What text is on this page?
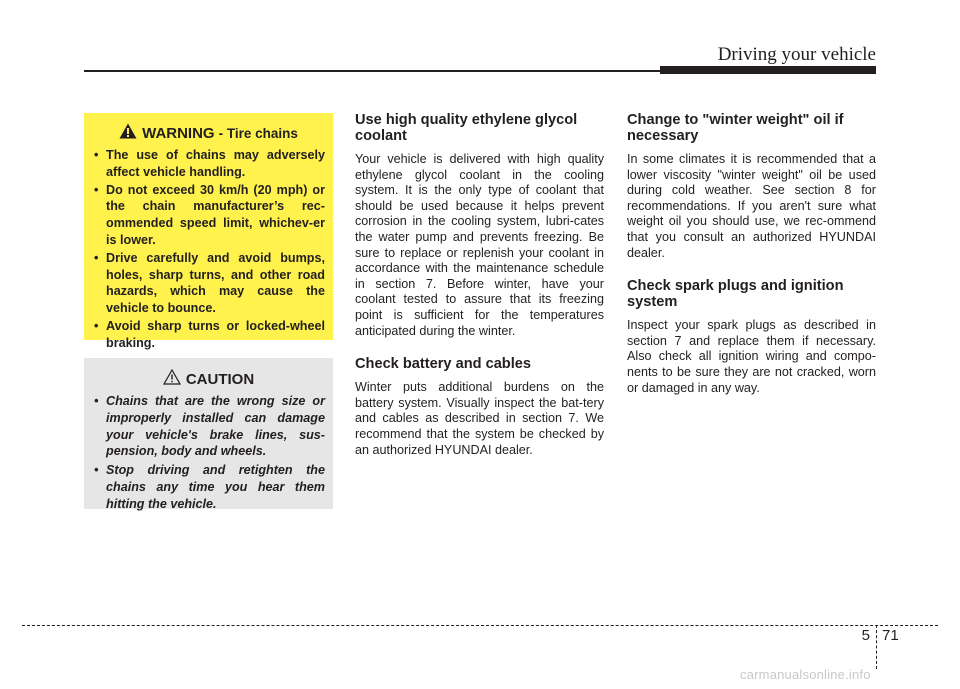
Driving your vehicle
WARNING - Tire chains
• The use of chains may adversely affect vehicle handling.
• Do not exceed 30 km/h (20 mph) or the chain manufacturer’s rec-ommended speed limit, whichev-er is lower.
• Drive carefully and avoid bumps, holes, sharp turns, and other road hazards, which may cause the vehicle to bounce.
• Avoid sharp turns or locked-wheel braking.
CAUTION
• Chains that are the wrong size or improperly installed can damage your vehicle's brake lines, sus-pension, body and wheels.
• Stop driving and retighten the chains any time you hear them hitting the vehicle.
Use high quality ethylene glycol coolant

Your vehicle is delivered with high quality ethylene glycol coolant in the cooling system. It is the only type of coolant that should be used because it helps prevent corrosion in the cooling system, lubri-cates the water pump and prevents freezing. Be sure to replace or replenish your coolant in accordance with the maintenance schedule in section 7. Before winter, have your coolant tested to assure that its freezing point is sufficient for the temperatures anticipated during the winter.

Check battery and cables

Winter puts additional burdens on the battery system. Visually inspect the bat-tery and cables as described in section 7. We recommend that the system be checked by an authorized HYUNDAI dealer.

Change to "winter weight" oil if necessary

In some climates it is recommended that a lower viscosity "winter weight" oil be used during cold weather. See section 8 for recommendations. If you aren't sure what weight oil you should use, we rec-ommend that you consult an authorized HYUNDAI dealer.

Check spark plugs and ignition system

Inspect your spark plugs as described in section 7 and replace them if necessary. Also check all ignition wiring and compo-nents to be sure they are not cracked, worn or damaged in any way.

5 71
carmanualsonline.info
